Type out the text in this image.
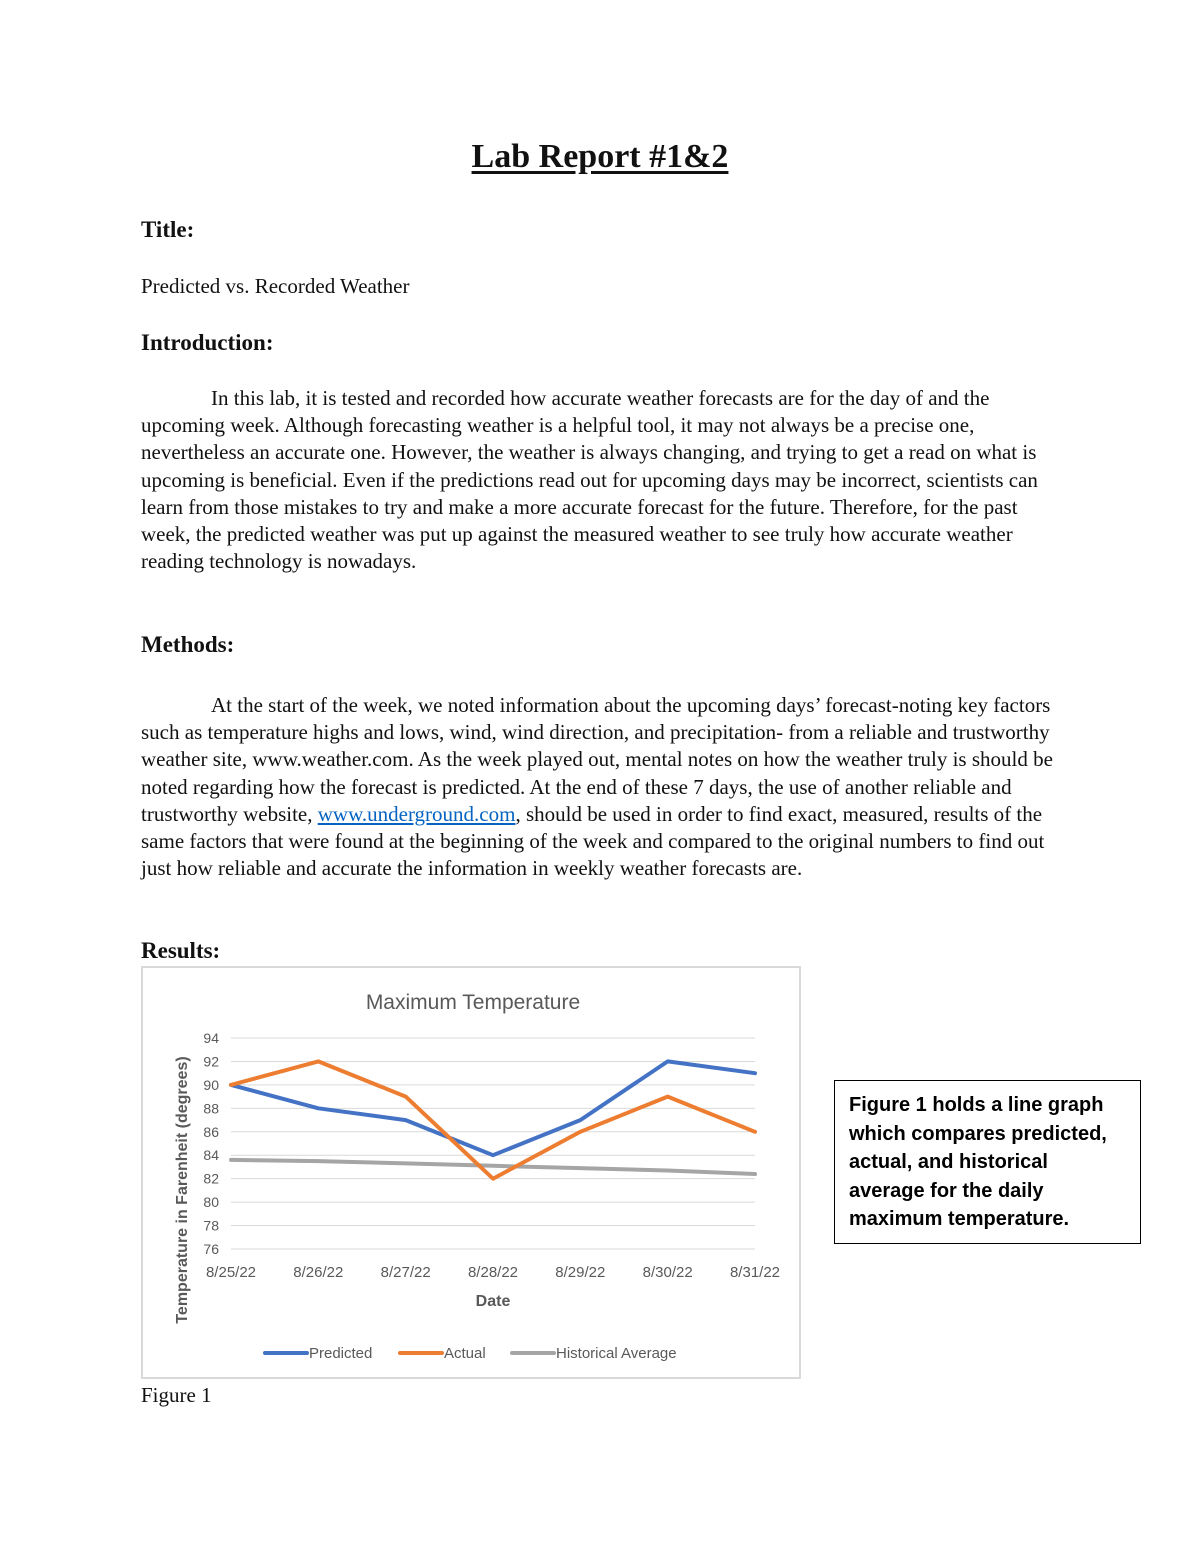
Lab Report #1&2
Title:
Predicted vs. Recorded Weather
Introduction:

In this lab, it is tested and recorded how accurate weather forecasts are for the day of and the upcoming week. Although forecasting weather is a helpful tool, it may not always be a precise one, nevertheless an accurate one. However, the weather is always changing, and trying to get a read on what is upcoming is beneficial. Even if the predictions read out for upcoming days may be incorrect, scientists can learn from those mistakes to try and make a more accurate forecast for the future. Therefore, for the past week, the predicted weather was put up against the measured weather to see truly how accurate weather reading technology is nowadays.

Methods:

At the start of the week, we noted information about the upcoming days’ forecast-noting key factors such as temperature highs and lows, wind, wind direction, and precipitation- from a reliable and trustworthy weather site, www.weather.com. As the week played out, mental notes on how the weather truly is should be noted regarding how the forecast is predicted. At the end of these 7 days, the use of another reliable and trustworthy website, www.underground.com, should be used in order to find exact, measured, results of the same factors that were found at the beginning of the week and compared to the original numbers to find out just how reliable and accurate the information in weekly weather forecasts are.

Results:
Maximum Temperature
76
78
80
82
84
86
88
90
92
94
8/25/22 8/26/22 8/27/22 8/28/22 8/29/22 8/30/22 8/31/22
Date
Temperature in Farenheit (degrees)
Predicted	Actual	Historical Average
Figure 1 holds a line graph which compares predicted, actual, and historical average for the daily maximum temperature.
Figure 1
